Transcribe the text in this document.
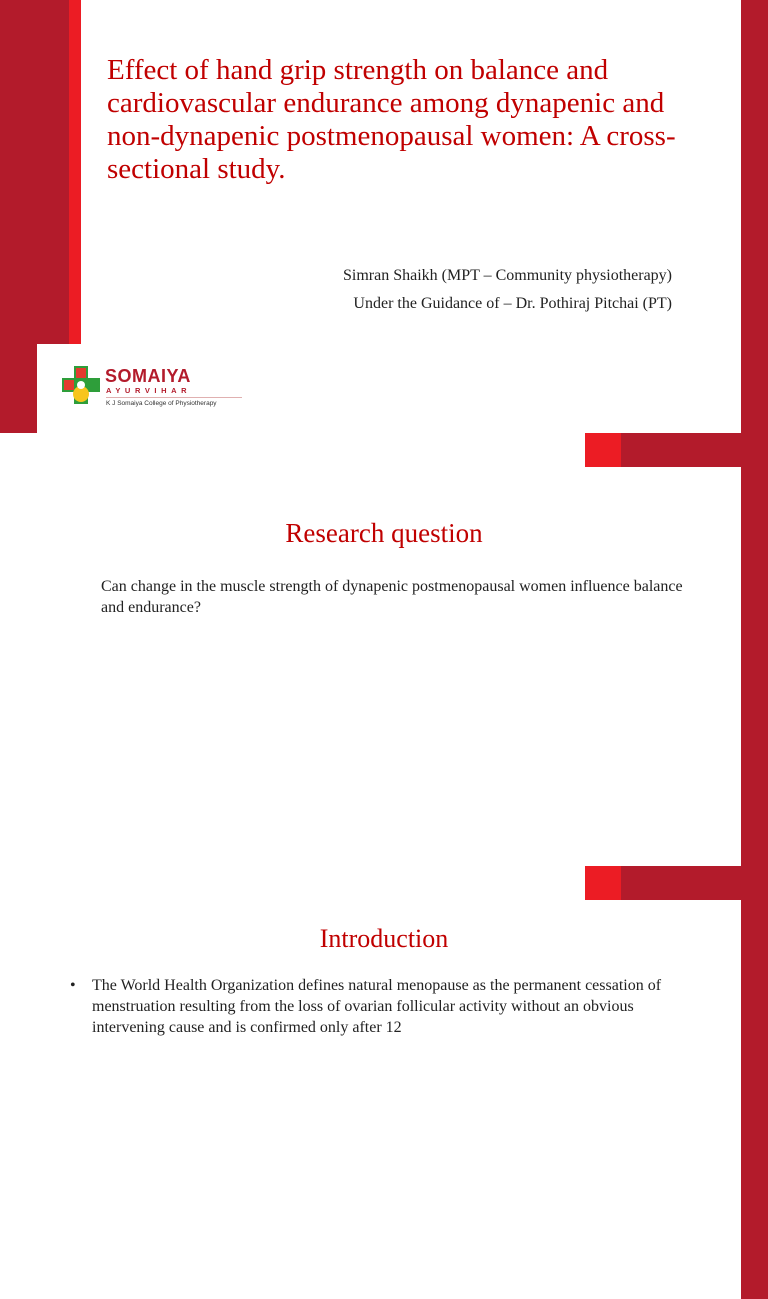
Effect of hand grip strength on balance and cardiovascular endurance among dynapenic and non-dynapenic postmenopausal women: A cross-sectional study.
Simran Shaikh (MPT – Community physiotherapy)
Under the Guidance of – Dr. Pothiraj Pitchai (PT)
SOMAIYA
AYURVIHAR
K J Somaiya College of Physiotherapy
Research question
Can change in the muscle strength of dynapenic postmenopausal women influence balance and endurance?
Introduction
• The World Health Organization defines natural menopause as the permanent cessation of menstruation resulting from the loss of ovarian follicular activity without an obvious intervening cause and is confirmed only after 12
